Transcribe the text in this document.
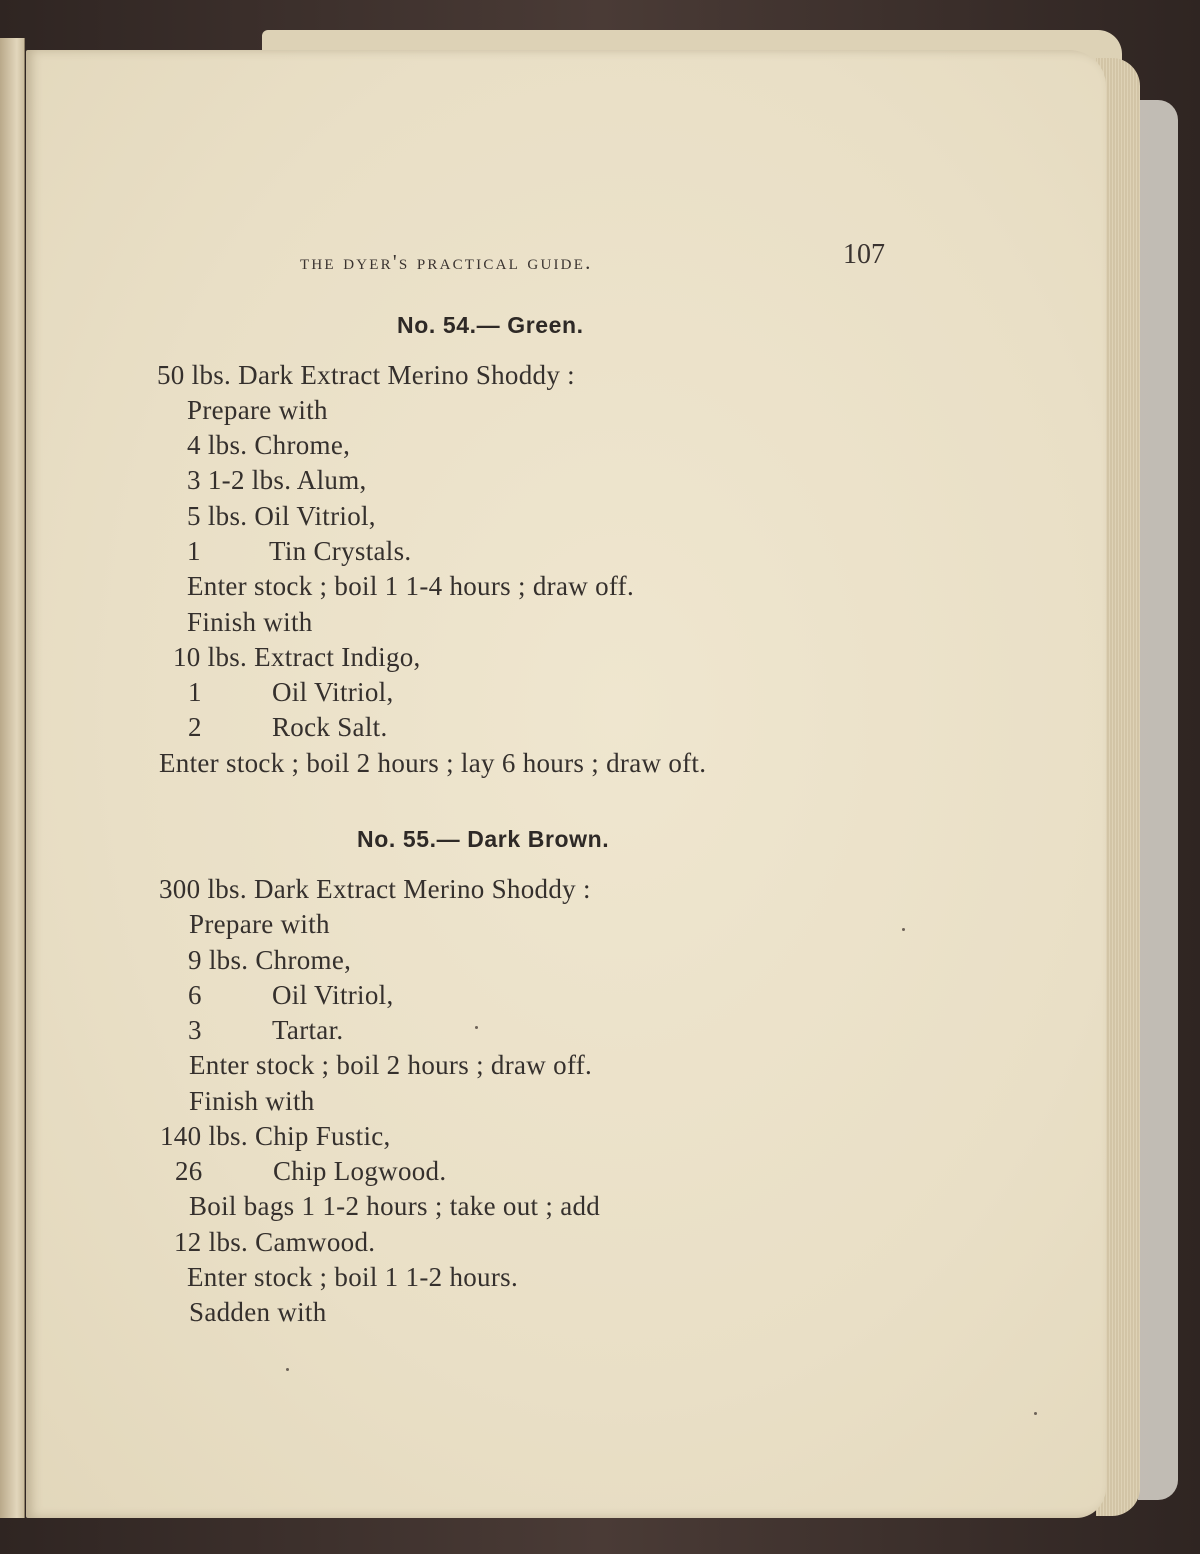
the dyer's practical guide.	107
No. 54.— Green.
50 lbs. Dark Extract Merino Shoddy :
Prepare with
4 lbs. Chrome,
3 1-2 lbs. Alum,
5 lbs. Oil Vitriol,
1	Tin Crystals.
Enter stock ; boil 1 1-4 hours ; draw off.
Finish with
10 lbs. Extract Indigo,
1	Oil Vitriol,
2	Rock Salt.
Enter stock ; boil 2 hours ; lay 6 hours ; draw oft.
No. 55.— Dark Brown.
300 lbs. Dark Extract Merino Shoddy :
Prepare with
9 lbs. Chrome,
6	Oil Vitriol,
3	Tartar.
Enter stock ; boil 2 hours ; draw off.
Finish with
140 lbs. Chip Fustic,
26	Chip Logwood.
Boil bags 1 1-2 hours ; take out ; add
12 lbs. Camwood.
Enter stock ; boil 1 1-2 hours.
Sadden with
